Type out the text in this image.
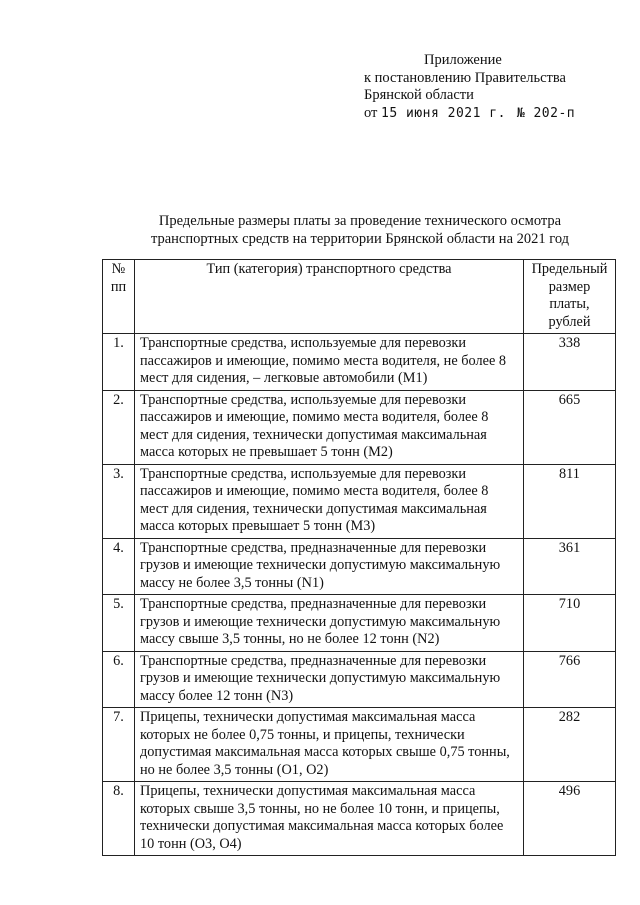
Приложение
к постановлению Правительства
Брянской области
от 15 июня 2021 г. № 202-п
Предельные размеры платы за проведение технического осмотра
транспортных средств на территории Брянской области на 2021 год
№
пп	Тип (категория) транспортного средства	Предельный размер платы, рублей
1.	Транспортные средства, используемые для перевозки пассажиров и имеющие, помимо места водителя, не более 8 мест для сидения, – легковые автомобили (M1)	338
2.	Транспортные средства, используемые для перевозки пассажиров и имеющие, помимо места водителя, более 8 мест для сидения, технически допустимая максимальная масса которых не превышает 5 тонн (M2)	665
3.	Транспортные средства, используемые для перевозки пассажиров и имеющие, помимо места водителя, более 8 мест для сидения, технически допустимая максимальная масса которых превышает 5 тонн (M3)	811
4.	Транспортные средства, предназначенные для перевозки грузов и имеющие технически допустимую максимальную массу не более 3,5 тонны (N1)	361
5.	Транспортные средства, предназначенные для перевозки грузов и имеющие технически допустимую максимальную массу свыше 3,5 тонны, но не более 12 тонн (N2)	710
6.	Транспортные средства, предназначенные для перевозки грузов и имеющие технически допустимую максимальную массу более 12 тонн (N3)	766
7.	Прицепы, технически допустимая максимальная масса которых не более 0,75 тонны, и прицепы, технически допустимая максимальная масса которых свыше 0,75 тонны, но не более 3,5 тонны (O1, O2)	282
8.	Прицепы, технически допустимая максимальная масса которых свыше 3,5 тонны, но не более 10 тонн, и прицепы, технически допустимая максимальная масса которых более 10 тонн (O3, O4)	496
